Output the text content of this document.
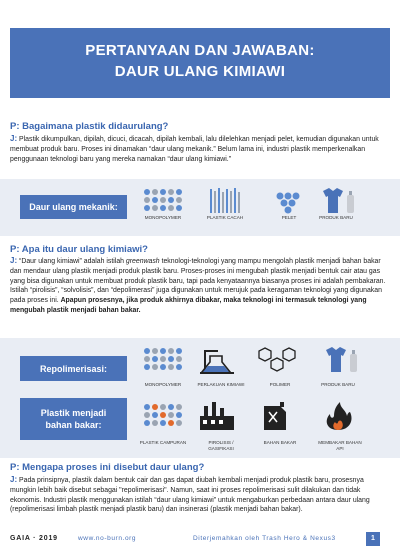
PERTANYAAN DAN JAWABAN:
DAUR ULANG KIMIAWI
P: Bagaimana plastik didaurulang?
J: Plastik dikumpulkan, dipilah, dicuci, dicacah, dipilah kembali, lalu dilelehkan menjadi pelet, kemudian digunakan untuk membuat produk baru. Proses ini dinamakan “daur ulang mekanik.” Belum lama ini, industri plastik memperkenalkan penggunaan teknologi baru yang mereka namakan “daur ulang kimiawi.”
Daur ulang mekanik:
MONOPOLYMER	PLASTIK CACAH	PELET	PRODUK BARU
P: Apa itu daur ulang kimiawi?
J: “Daur ulang kimiawi” adalah istilah greenwash teknologi-teknologi yang mampu mengolah plastik menjadi bahan bakar dan mendaur ulang plastik menjadi produk plastik baru. Proses-proses ini mengubah plastik menjadi bentuk cair atau gas yang bisa digunakan untuk membuat produk plastik baru, tapi pada kenyataannya biasanya proses ini adalah pembakaran. Istilah “pirolisis”, “solvolisis”, dan “depolimerasi” juga digunakan untuk merujuk pada keragaman teknologi yang digunakan pada proses ini. Apapun prosesnya, jika produk akhirnya dibakar, maka teknologi ini termasuk teknologi yang mengubah plastik menjadi bahan bakar.
Repolimerisasi:
Plastik menjadi
bahan bakar:
MONOPOLYMER	PERLAKUAN KIMIAWI	POLIMER	PRODUK BARU
PLASTIK CAMPURAN	PIROLISIS / GASIFIKASI
BAHAN BAKAR	MEMBAKAR BAHAN API
P: Mengapa proses ini disebut daur ulang?
J: Pada prinsipnya, plastik dalam bentuk cair dan gas dapat diubah kembali menjadi produk plastik baru, prosesnya mungkin lebih baik disebut sebagai "repolimerisasi". Namun, saat ini proses repolimerisasi sulit dilakukan dan tidak ekonomis. Industri plastik menggunakan istilah “daur ulang kimiawi” untuk mengaburkan perbedaan antara daur ulang (repolimerisasi limbah plastik menjadi plastik baru) dan insinerasi (plastik menjadi bahan bakar).
GAIA · 2019	www.no-burn.org	Diterjemahkan oleh Trash Hero & Nexus3	1
